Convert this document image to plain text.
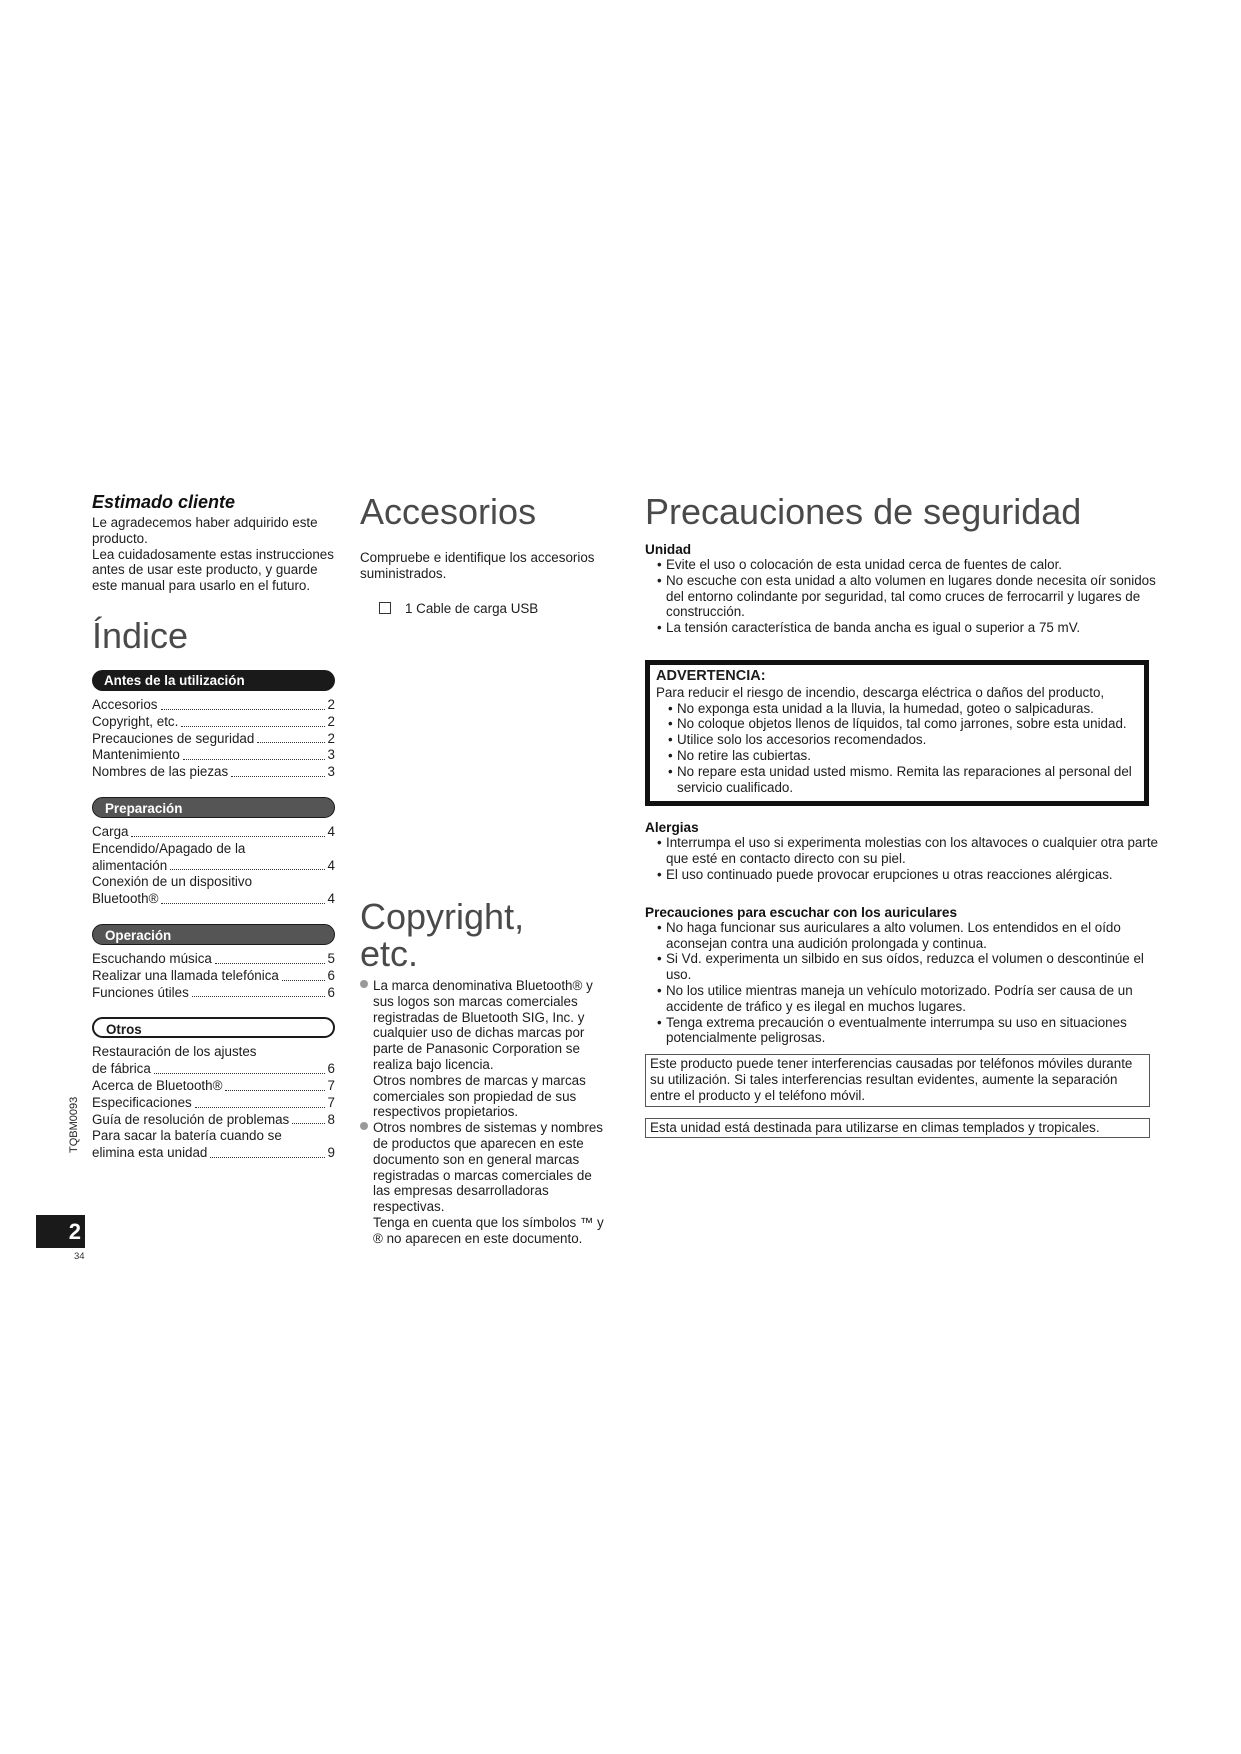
Estimado cliente

Le agradecemos haber adquirido este producto.
Lea cuidadosamente estas instrucciones antes de usar este producto, y guarde este manual para usarlo en el futuro.

Índice
Antes de la utilización
Accesorios	2
Copyright, etc.	2
Precauciones de seguridad	2
Mantenimiento	3
Nombres de las piezas	3
Preparación
Carga	4
Encendido/Apagado de la
alimentación	4
Conexión de un dispositivo
Bluetooth®	4
Operación
Escuchando música	5
Realizar una llamada telefónica	6
Funciones útiles	6
Otros
Restauración de los ajustes
de fábrica	6
Acerca de Bluetooth®	7
Especificaciones	7
Guía de resolución de problemas	8
Para sacar la batería cuando se
elimina esta unidad	9
Accesorios

Compruebe e identifique los accesorios suministrados.

1 Cable de carga USB
Copyright,
etc.

La marca denominativa Bluetooth® y sus logos son marcas comerciales registradas de Bluetooth SIG, Inc. y cualquier uso de dichas marcas por parte de Panasonic Corporation se realiza bajo licencia.

Otros nombres de marcas y marcas comerciales son propiedad de sus respectivos propietarios.

Otros nombres de sistemas y nombres de productos que aparecen en este documento son en general marcas registradas o marcas comerciales de las empresas desarrolladoras respectivas.

Tenga en cuenta que los símbolos ™ y ® no aparecen en este documento.

Precauciones de seguridad
Unidad
• Evite el uso o colocación de esta unidad cerca de fuentes de calor.
• No escuche con esta unidad a alto volumen en lugares donde necesita oír sonidos del entorno colindante por seguridad, tal como cruces de ferrocarril y lugares de construcción.
• La tensión característica de banda ancha es igual o superior a 75 mV.

ADVERTENCIA:

Para reducir el riesgo de incendio, descarga eléctrica o daños del producto,

• No exponga esta unidad a la lluvia, la humedad, goteo o salpicaduras.
• No coloque objetos llenos de líquidos, tal como jarrones, sobre esta unidad.
• Utilice solo los accesorios recomendados.
• No retire las cubiertas.
• No repare esta unidad usted mismo. Remita las reparaciones al personal del servicio cualificado.
Alergias
• Interrumpa el uso si experimenta molestias con los altavoces o cualquier otra parte que esté en contacto directo con su piel.
• El uso continuado puede provocar erupciones u otras reacciones alérgicas.
Precauciones para escuchar con los auriculares
• No haga funcionar sus auriculares a alto volumen. Los entendidos en el oído aconsejan contra una audición prolongada y continua.
• Si Vd. experimenta un silbido en sus oídos, reduzca el volumen o descontinúe el uso.
• No los utilice mientras maneja un vehículo motorizado. Podría ser causa de un accidente de tráfico y es ilegal en muchos lugares.
• Tenga extrema precaución o eventualmente interrumpa su uso en situaciones potencialmente peligrosas.
Este producto puede tener interferencias causadas por teléfonos móviles durante su utilización. Si tales interferencias resultan evidentes, aumente la separación entre el producto y el teléfono móvil.
Esta unidad está destinada para utilizarse en climas templados y tropicales.
TQBM0093
2
34
